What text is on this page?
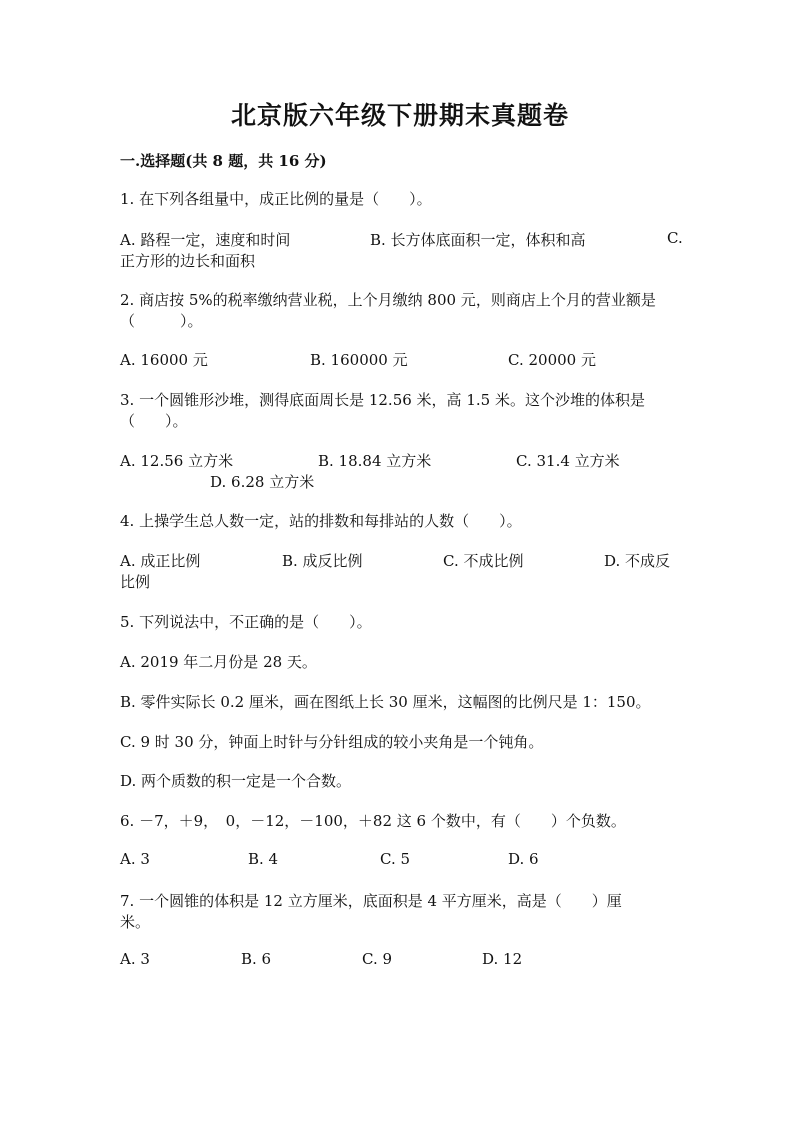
北京版六年级下册期末真题卷
一.选择题(共 8 题，共 16 分)
1. 在下列各组量中，成正比例的量是（　　）。
A. 路程一定，速度和时间	B. 长方体底面积一定，体积和高	C.
正方形的边长和面积
2. 商店按 5%的税率缴纳营业税，上个月缴纳 800 元，则商店上个月的营业额是
（　　　）。
A. 16000 元	B. 160000 元	C. 20000 元
3. 一个圆锥形沙堆，测得底面周长是 12.56 米，高 1.5 米。这个沙堆的体积是
（　　）。
A. 12.56 立方米	B. 18.84 立方米	C. 31.4 立方米
D. 6.28 立方米
4. 上操学生总人数一定，站的排数和每排站的人数（　　）。
A. 成正比例	B. 成反比例	C. 不成比例	D. 不成反
比例
5. 下列说法中，不正确的是（　　）。
A. 2019 年二月份是 28 天。
B. 零件实际长 0.2 厘米，画在图纸上长 30 厘米，这幅图的比例尺是 1：150。
C. 9 时 30 分，钟面上时针与分针组成的较小夹角是一个钝角。
D. 两个质数的积一定是一个合数。
6. －7，＋9，　0，－12，－100，＋82 这 6 个数中，有（　　）个负数。
A. 3	B. 4	C. 5	D. 6
7. 一个圆锥的体积是 12 立方厘米，底面积是 4 平方厘米，高是（　　）厘
米。
A. 3	B. 6	C. 9	D. 12
